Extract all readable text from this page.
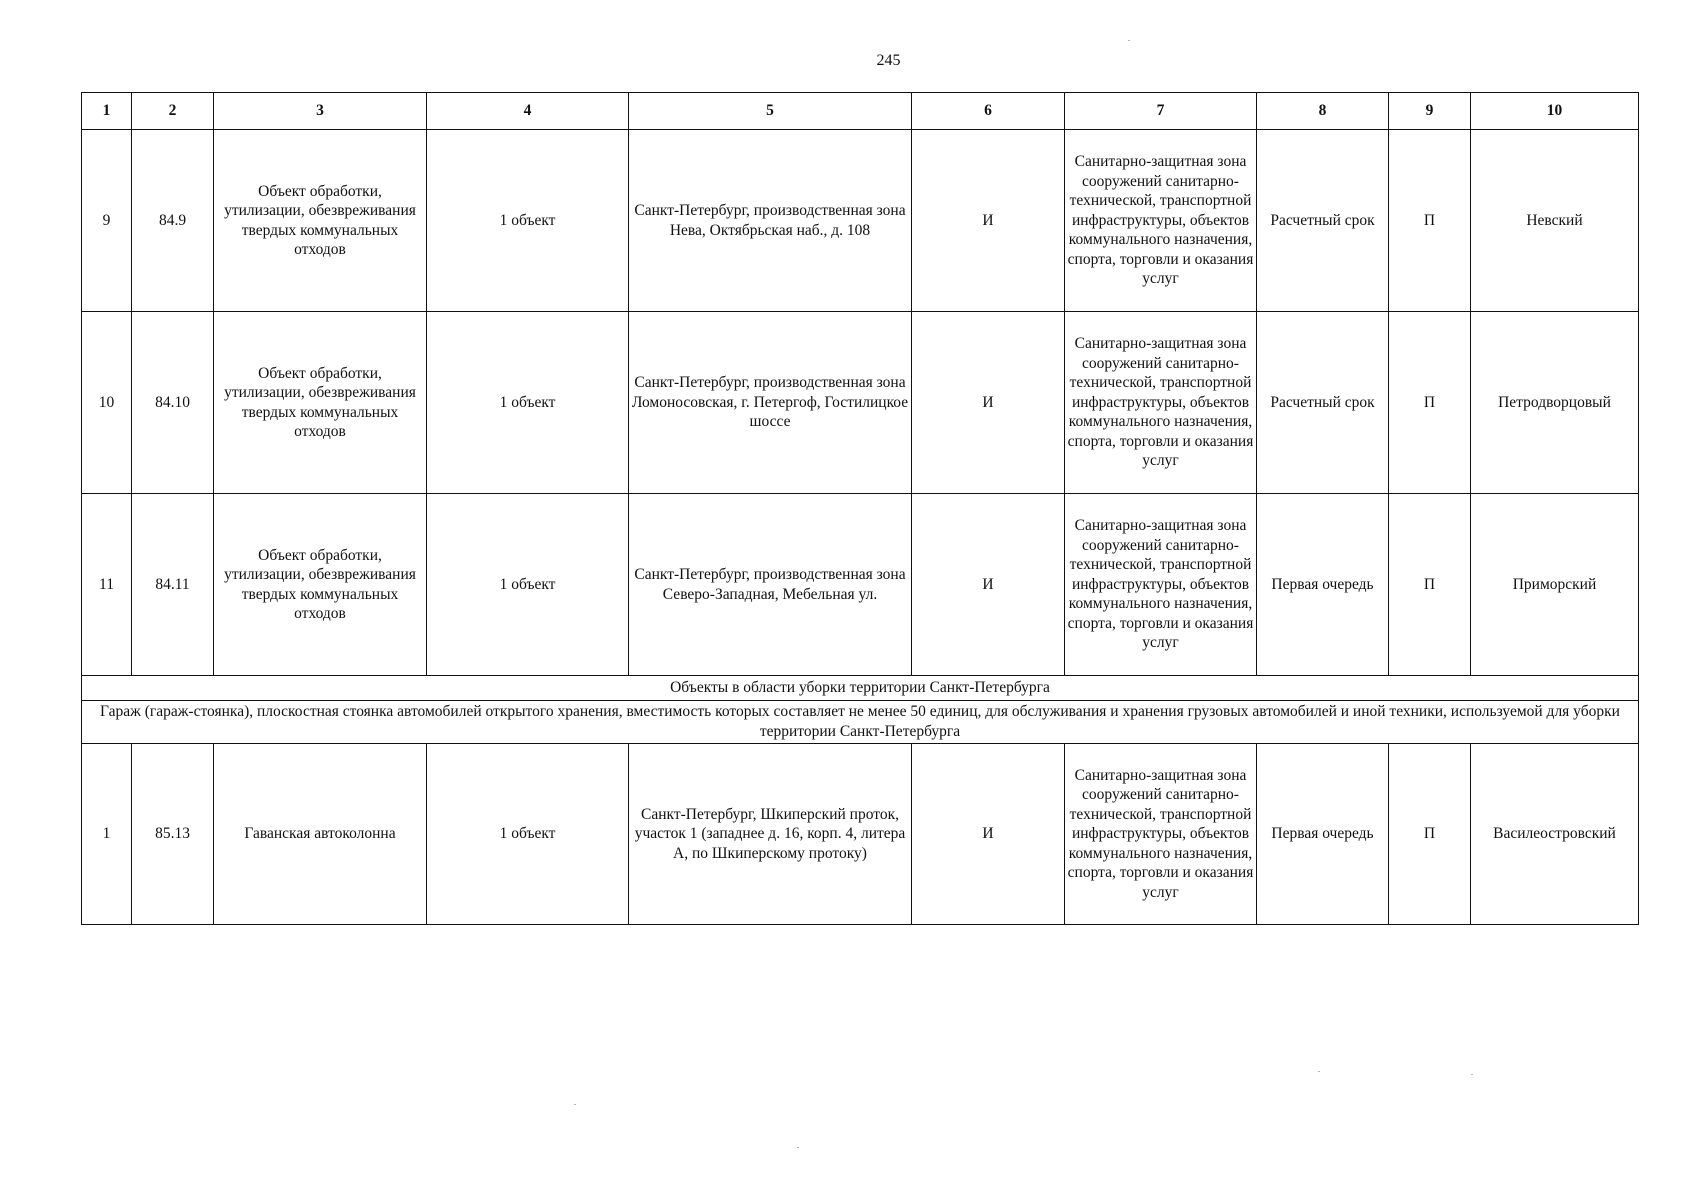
245
1	2	3	4	5	6	7	8	9	10
9	84.9	Объект обработки, утилизации, обезвреживания твердых коммунальных отходов	1 объект	Санкт-Петербург, производственная зона Нева, Октябрьская наб., д. 108	И	Санитарно-защитная зона сооружений санитарно-технической, транспортной инфраструктуры, объектов коммунального назначения, спорта, торговли и оказания услуг	Расчетный срок	П	Невский
10	84.10	Объект обработки, утилизации, обезвреживания твердых коммунальных отходов	1 объект	Санкт-Петербург, производственная зона Ломоносовская, г. Петергоф, Гостилицкое шоссе	И	Санитарно-защитная зона сооружений санитарно-технической, транспортной инфраструктуры, объектов коммунального назначения, спорта, торговли и оказания услуг	Расчетный срок	П	Петродворцовый
11	84.11	Объект обработки, утилизации, обезвреживания твердых коммунальных отходов	1 объект	Санкт-Петербург, производственная зона Северо-Западная, Мебельная ул.	И	Санитарно-защитная зона сооружений санитарно-технической, транспортной инфраструктуры, объектов коммунального назначения, спорта, торговли и оказания услуг	Первая очередь	П	Приморский
Объекты в области уборки территории Санкт-Петербурга									
Гараж (гараж-стоянка), плоскостная стоянка автомобилей открытого хранения, вместимость которых составляет не менее 50 единиц, для обслуживания и хранения грузовых автомобилей и иной техники, используемой для уборки территории Санкт-Петербурга									
1	85.13	Гаванская автоколонна	1 объект	Санкт-Петербург, Шкиперский проток, участок 1 (западнее д. 16, корп. 4, литера А, по Шкиперскому протоку)	И	Санитарно-защитная зона сооружений санитарно-технической, транспортной инфраструктуры, объектов коммунального назначения, спорта, торговли и оказания услуг	Первая очередь	П	Василеостровский
